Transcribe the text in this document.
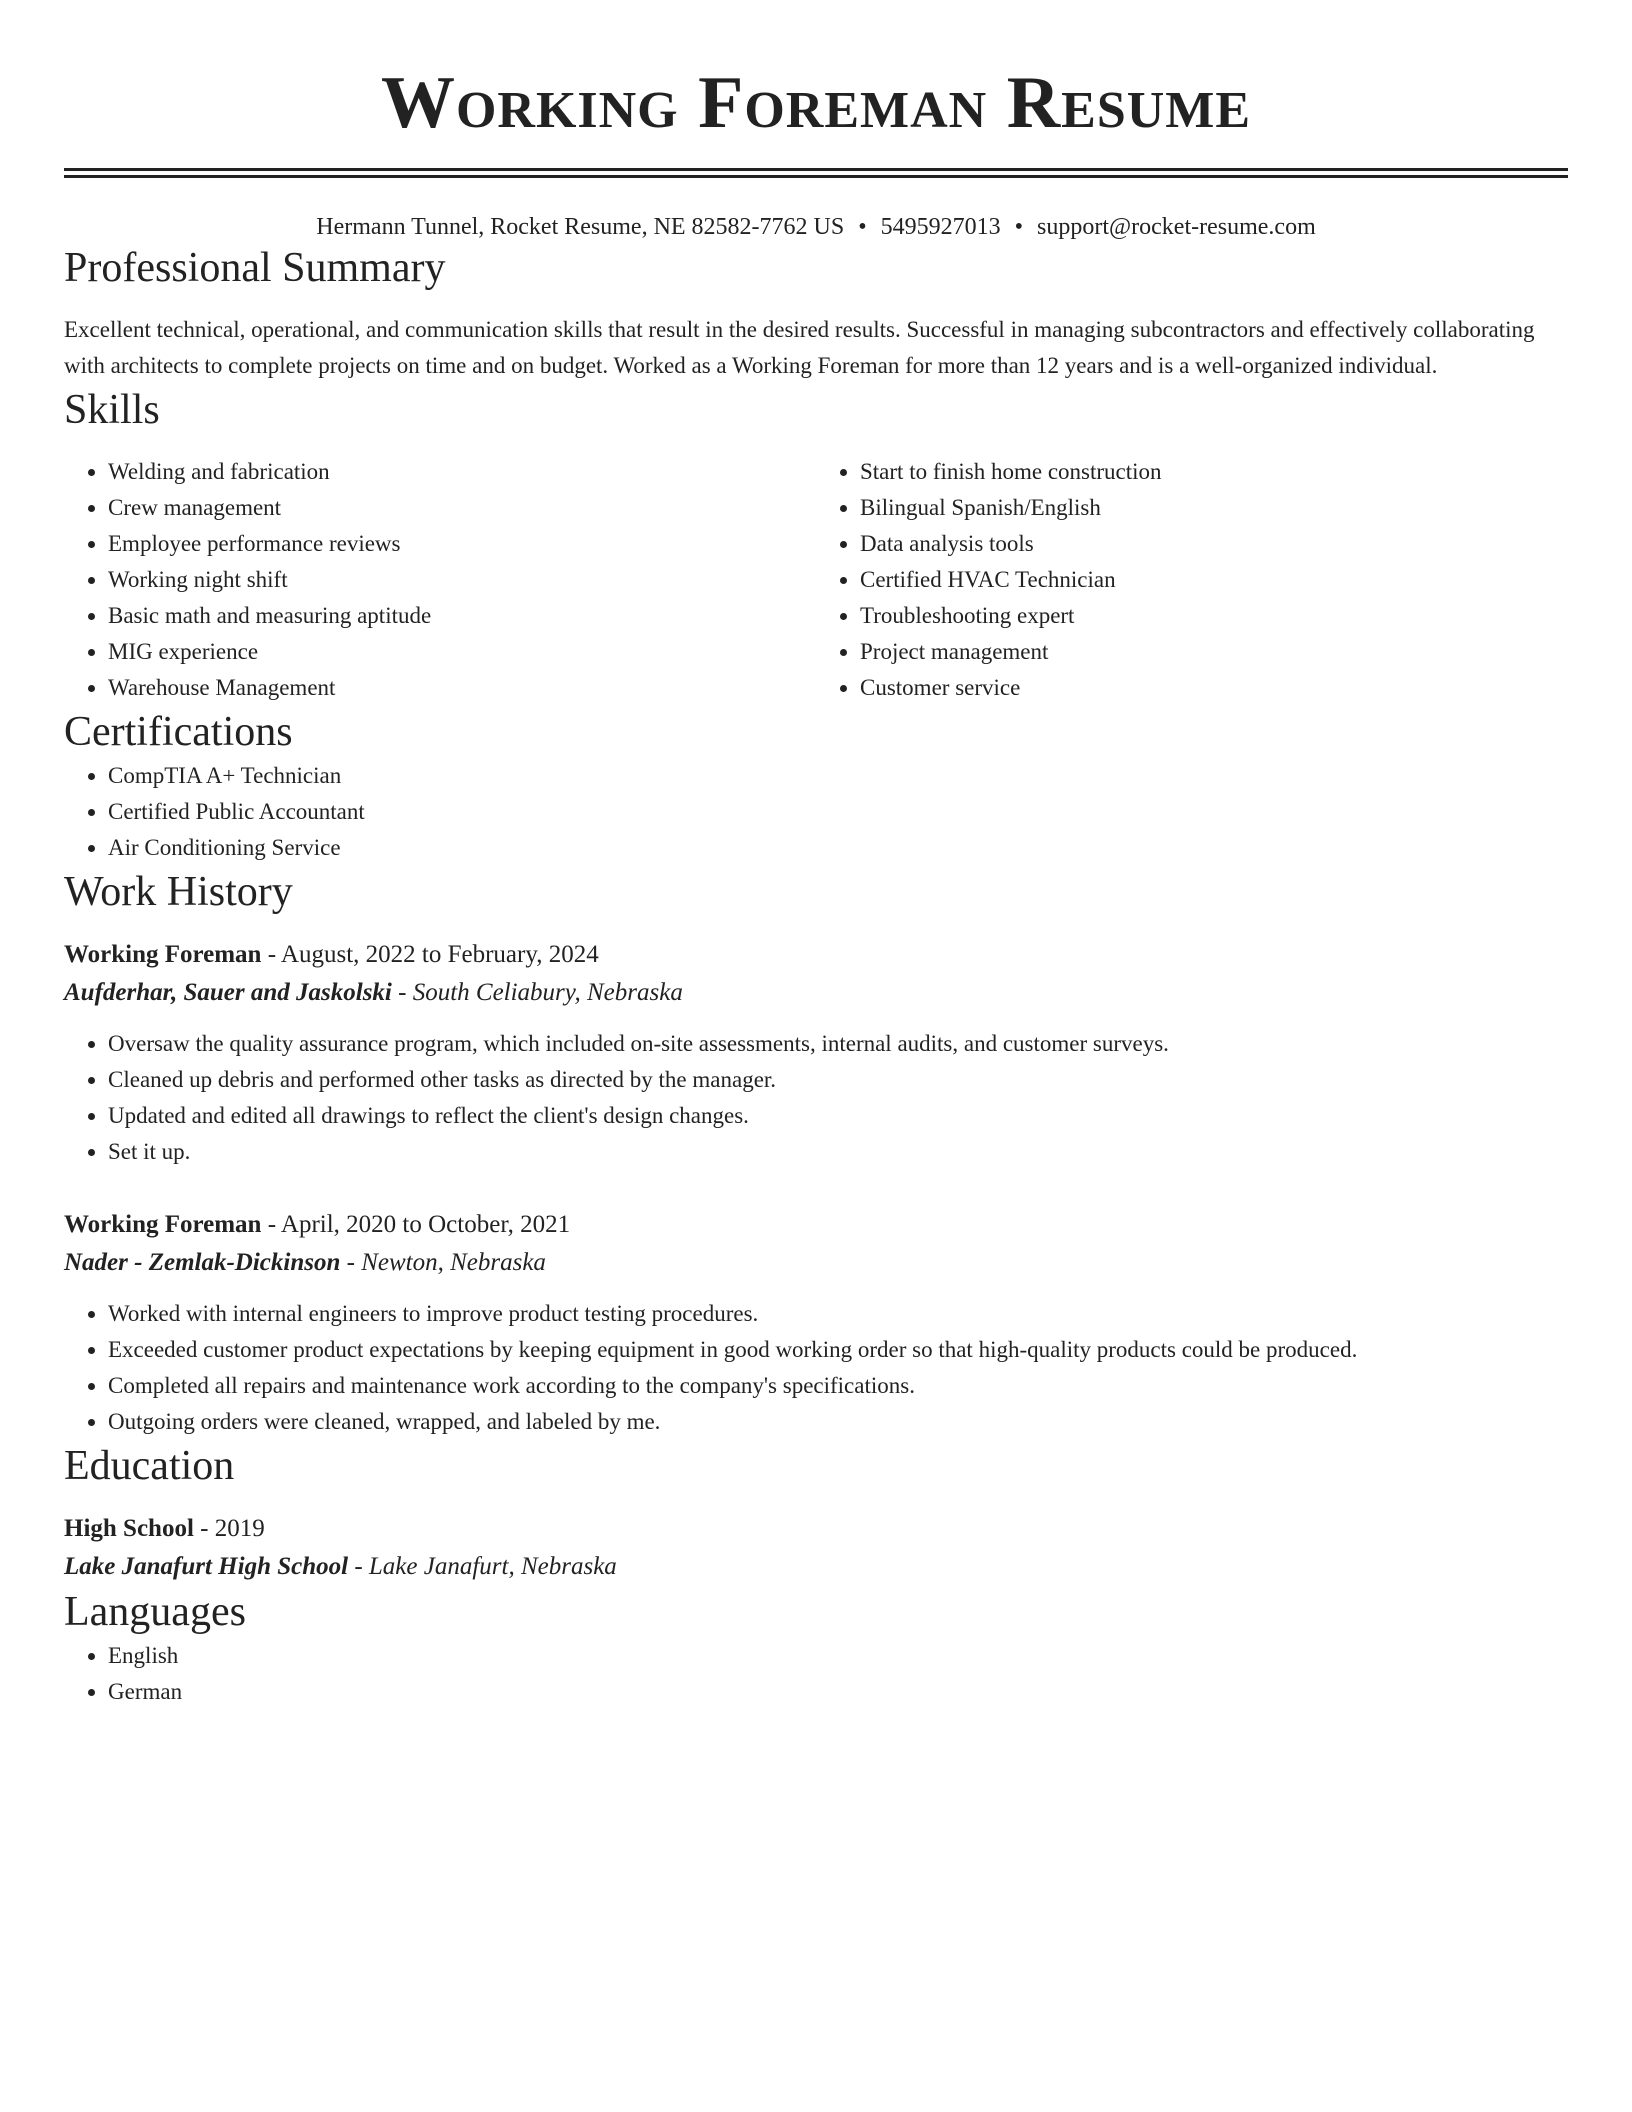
Working Foreman Resume
Hermann Tunnel, Rocket Resume, NE 82582-7762 US • 5495927013 • support@rocket-resume.com
Professional Summary

Excellent technical, operational, and communication skills that result in the desired results. Successful in managing subcontractors and effectively collaborating with architects to complete projects on time and on budget. Worked as a Working Foreman for more than 12 years and is a well-organized individual.

Skills
• Welding and fabrication
• Crew management
• Employee performance reviews
• Working night shift
• Basic math and measuring aptitude
• MIG experience
• Warehouse Management
• Start to finish home construction
• Bilingual Spanish/English
• Data analysis tools
• Certified HVAC Technician
• Troubleshooting expert
• Project management
• Customer service
Certifications
• CompTIA A+ Technician
• Certified Public Accountant
• Air Conditioning Service
Work History
Working Foreman - August, 2022 to February, 2024
Aufderhar, Sauer and Jaskolski - South Celiabury, Nebraska
• Oversaw the quality assurance program, which included on-site assessments, internal audits, and customer surveys.
• Cleaned up debris and performed other tasks as directed by the manager.
• Updated and edited all drawings to reflect the client's design changes.
• Set it up.
Working Foreman - April, 2020 to October, 2021
Nader - Zemlak-Dickinson - Newton, Nebraska
• Worked with internal engineers to improve product testing procedures.
• Exceeded customer product expectations by keeping equipment in good working order so that high-quality products could be produced.
• Completed all repairs and maintenance work according to the company's specifications.
• Outgoing orders were cleaned, wrapped, and labeled by me.
Education
High School - 2019
Lake Janafurt High School - Lake Janafurt, Nebraska
Languages
• English
• German
